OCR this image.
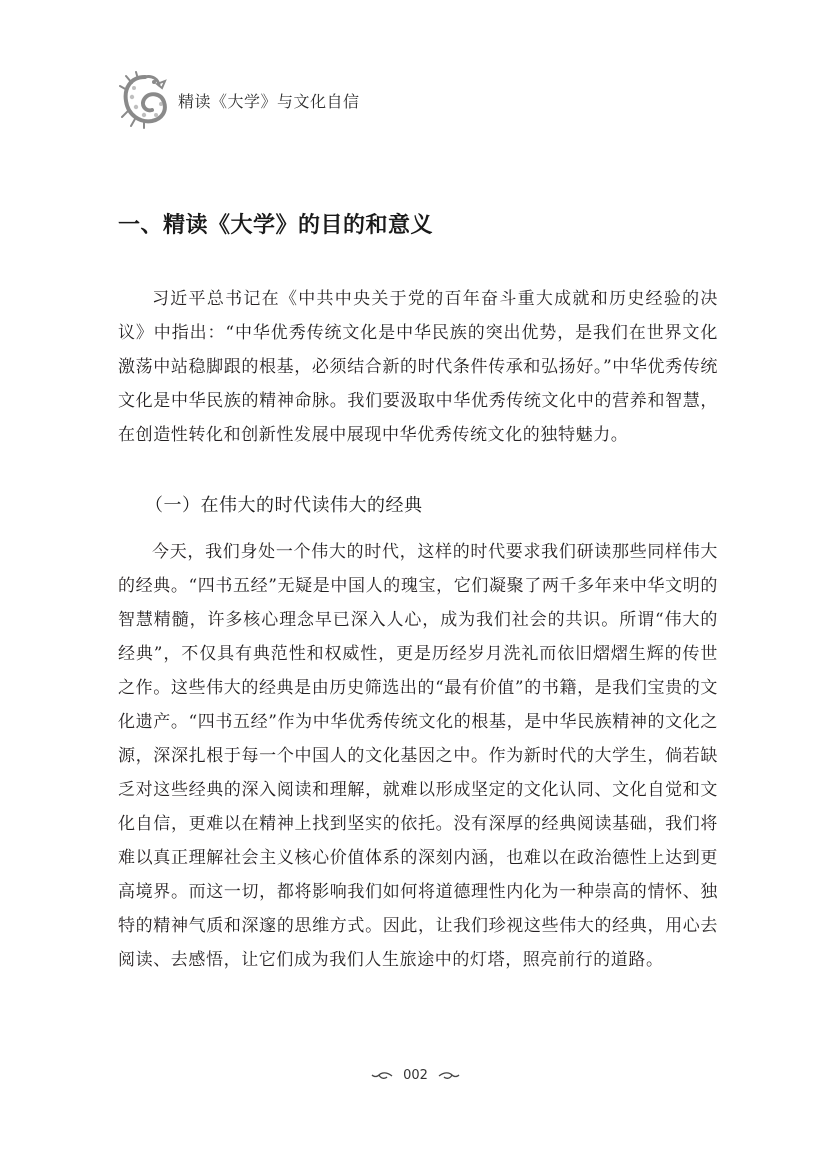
精读《大学》与文化自信
一、精读《大学》的目的和意义

习近平总书记在《中共中央关于党的百年奋斗重大成就和历史经验的决议》中指出：“中华优秀传统文化是中华民族的突出优势，是我们在世界文化激荡中站稳脚跟的根基，必须结合新的时代条件传承和弘扬好。”中华优秀传统文化是中华民族的精神命脉。我们要汲取中华优秀传统文化中的营养和智慧，在创造性转化和创新性发展中展现中华优秀传统文化的独特魅力。

（一）在伟大的时代读伟大的经典

今天，我们身处一个伟大的时代，这样的时代要求我们研读那些同样伟大的经典。“四书五经”无疑是中国人的瑰宝，它们凝聚了两千多年来中华文明的智慧精髓，许多核心理念早已深入人心，成为我们社会的共识。所谓“伟大的经典”，不仅具有典范性和权威性，更是历经岁月洗礼而依旧熠熠生辉的传世之作。这些伟大的经典是由历史筛选出的“最有价值”的书籍，是我们宝贵的文化遗产。“四书五经”作为中华优秀传统文化的根基，是中华民族精神的文化之源，深深扎根于每一个中国人的文化基因之中。作为新时代的大学生，倘若缺乏对这些经典的深入阅读和理解，就难以形成坚定的文化认同、文化自觉和文化自信，更难以在精神上找到坚实的依托。没有深厚的经典阅读基础，我们将难以真正理解社会主义核心价值体系的深刻内涵，也难以在政治德性上达到更高境界。而这一切，都将影响我们如何将道德理性内化为一种崇高的情怀、独特的精神气质和深邃的思维方式。因此，让我们珍视这些伟大的经典，用心去阅读、去感悟，让它们成为我们人生旅途中的灯塔，照亮前行的道路。

002
